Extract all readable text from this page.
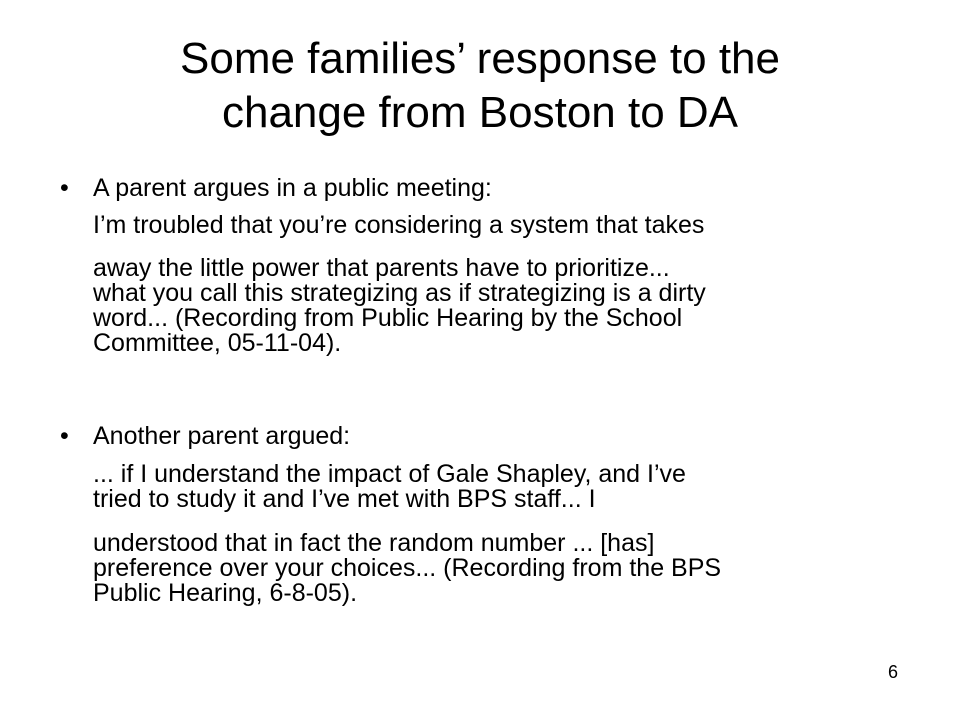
Some families’ response to the
change from Boston to DA
• A parent argues in a public meeting:
I’m troubled that you’re considering a system that takes
away the little power that parents have to prioritize...
what you call this strategizing as if strategizing is a dirty
word... (Recording from Public Hearing by the School
Committee, 05-11-04).
• Another parent argued:
... if I understand the impact of Gale Shapley, and I’ve
tried to study it and I’ve met with BPS staff... I
understood that in fact the random number ... [has]
preference over your choices... (Recording from the BPS
Public Hearing, 6-8-05).
6
